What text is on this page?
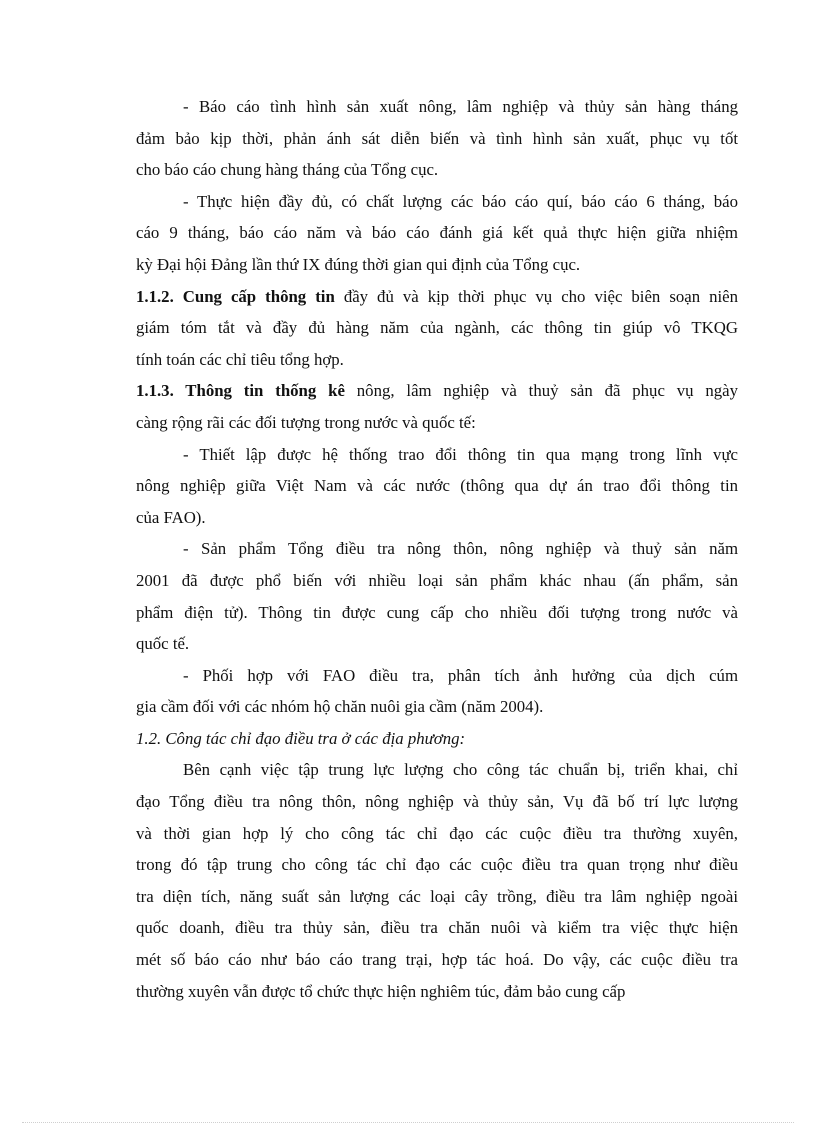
- Báo cáo tình hình sản xuất nông, lâm nghiệp và thủy sản hàng tháng
đảm bảo kịp thời, phản ánh sát diễn biến và tình hình sản xuất, phục vụ tốt
cho báo cáo chung hàng tháng của Tổng cục.
- Thực hiện đầy đủ, có chất lượng các báo cáo quí, báo cáo 6 tháng, báo
cáo 9 tháng, báo cáo năm và báo cáo đánh giá kết quả thực hiện giữa nhiệm
kỳ Đại hội Đảng lần thứ IX đúng thời gian qui định của Tổng cục.
1.1.2. Cung cấp thông tin đầy đủ và kịp thời phục vụ cho việc biên soạn niên
giám tóm tắt và đầy đủ hàng năm của ngành, các thông tin giúp vô TKQG
tính toán các chỉ tiêu tổng hợp.
1.1.3. Thông tin thống kê nông, lâm nghiệp và thuỷ sản đã phục vụ ngày
càng rộng rãi các đối tượng trong nước và quốc tế:
- Thiết lập được hệ thống trao đổi thông tin qua mạng trong lĩnh vực
nông nghiệp giữa Việt Nam và các nước (thông qua dự án trao đổi thông tin
của FAO).
- Sản phẩm Tổng điều tra nông thôn, nông nghiệp và thuỷ sản năm
2001 đã được phổ biến với nhiều loại sản phẩm khác nhau (ấn phẩm, sản
phẩm điện tử). Thông tin được cung cấp cho nhiều đối tượng trong nước và
quốc tế.
- Phối hợp với FAO điều tra, phân tích ảnh hưởng của dịch cúm
gia cầm đối với các nhóm hộ chăn nuôi gia cầm (năm 2004).
1.2. Công tác chỉ đạo điều tra ở các địa phương:
Bên cạnh việc tập trung lực lượng cho công tác chuẩn bị, triển khai, chỉ
đạo Tổng điều tra nông thôn, nông nghiệp và thủy sản, Vụ đã bố trí lực lượng
và thời gian hợp lý cho công tác chỉ đạo các cuộc điều tra thường xuyên,
trong đó tập trung cho công tác chỉ đạo các cuộc điều tra quan trọng như điều
tra diện tích, năng suất sản lượng các loại cây trồng, điều tra lâm nghiệp ngoài
quốc doanh, điều tra thủy sản, điều tra chăn nuôi và kiểm tra việc thực hiện
mét số báo cáo như báo cáo trang trại, hợp tác hoá. Do vậy, các cuộc điều tra
thường xuyên vẫn được tổ chức thực hiện nghiêm túc, đảm bảo cung cấp
